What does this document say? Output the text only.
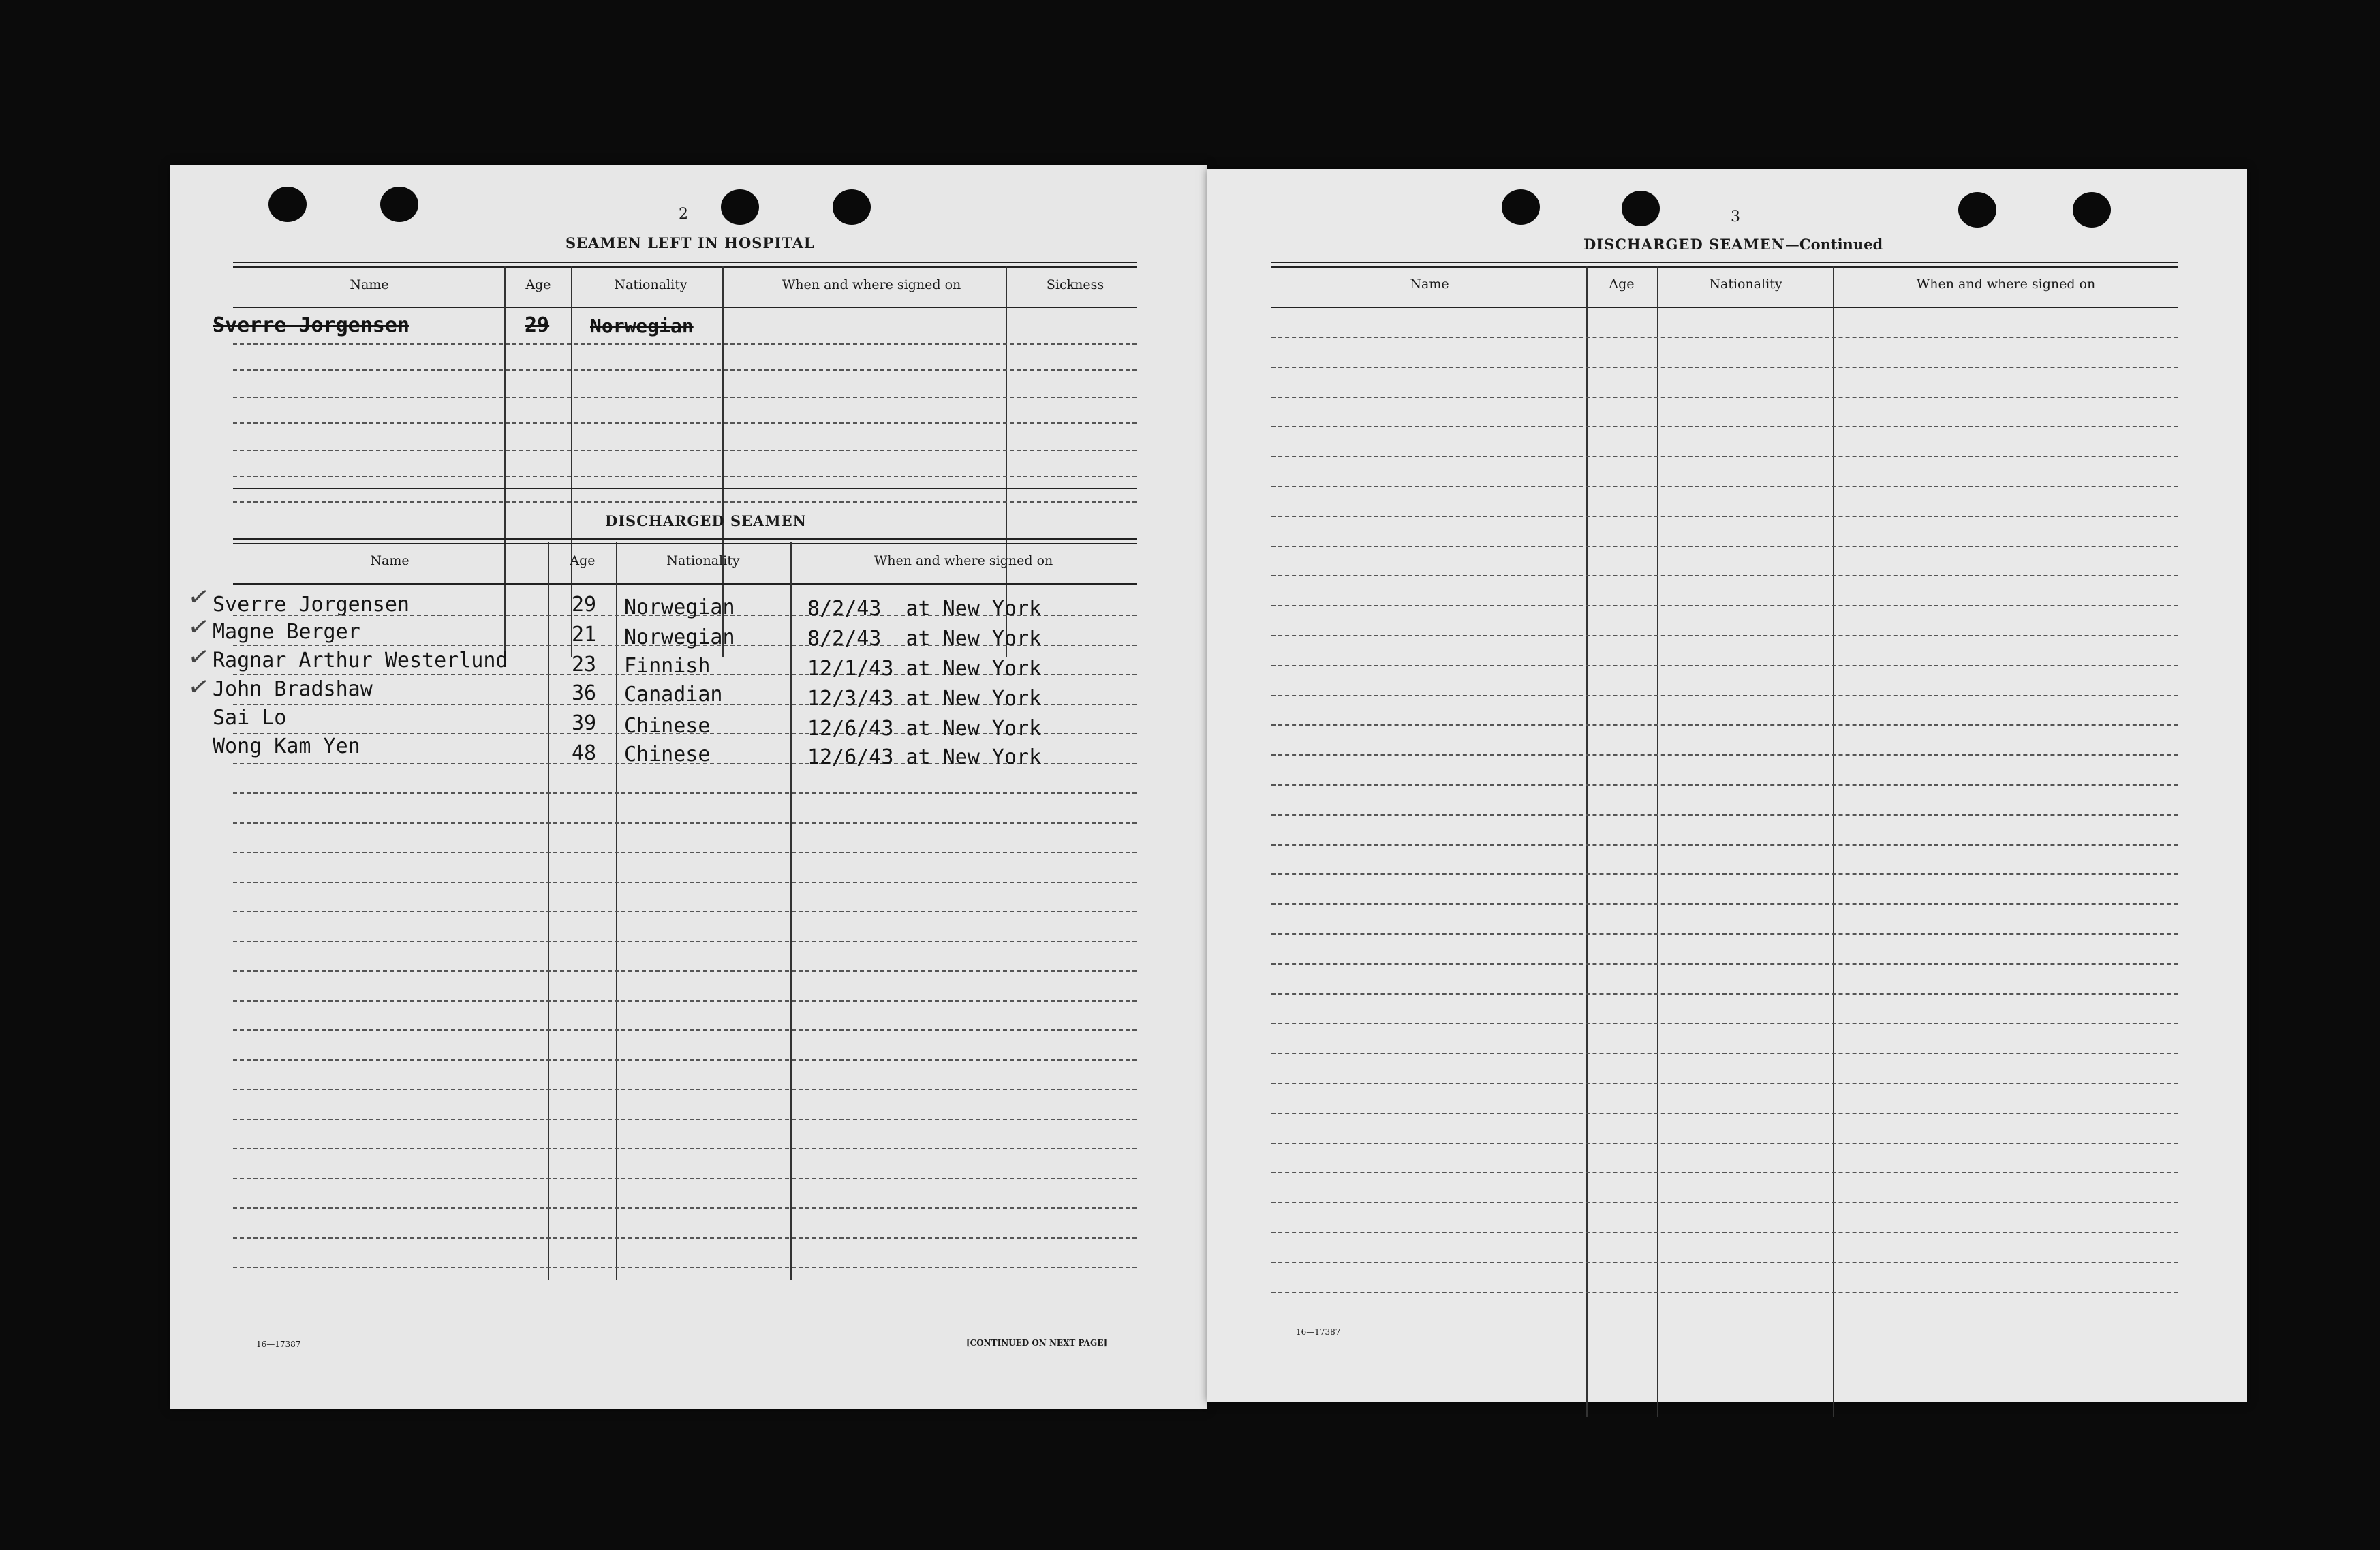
2
SEAMEN LEFT IN HOSPITAL
Name	Age	Nationality	When and where signed on	Sickness
Sverre Jorgensen	29 Norwegian
DISCHARGED SEAMEN
Name	Age	Nationality	When and where signed on
✓
✓
✓
✓
Sverre Jorgensen	29	Norwegian	8/2/43  at New York
Magne Berger	21	Norwegian	8/2/43  at New York
Ragnar Arthur Westerlund	23	Finnish	12/1/43 at New York
John Bradshaw	36	Canadian	12/3/43 at New York
Sai Lo	39	Chinese	12/6/43 at New York
Wong Kam Yen	48	Chinese	12/6/43 at New York
16—17387	[CONTINUED ON NEXT PAGE]
3
DISCHARGED SEAMEN—Continued
Name	Age	Nationality	When and where signed on
16—17387
